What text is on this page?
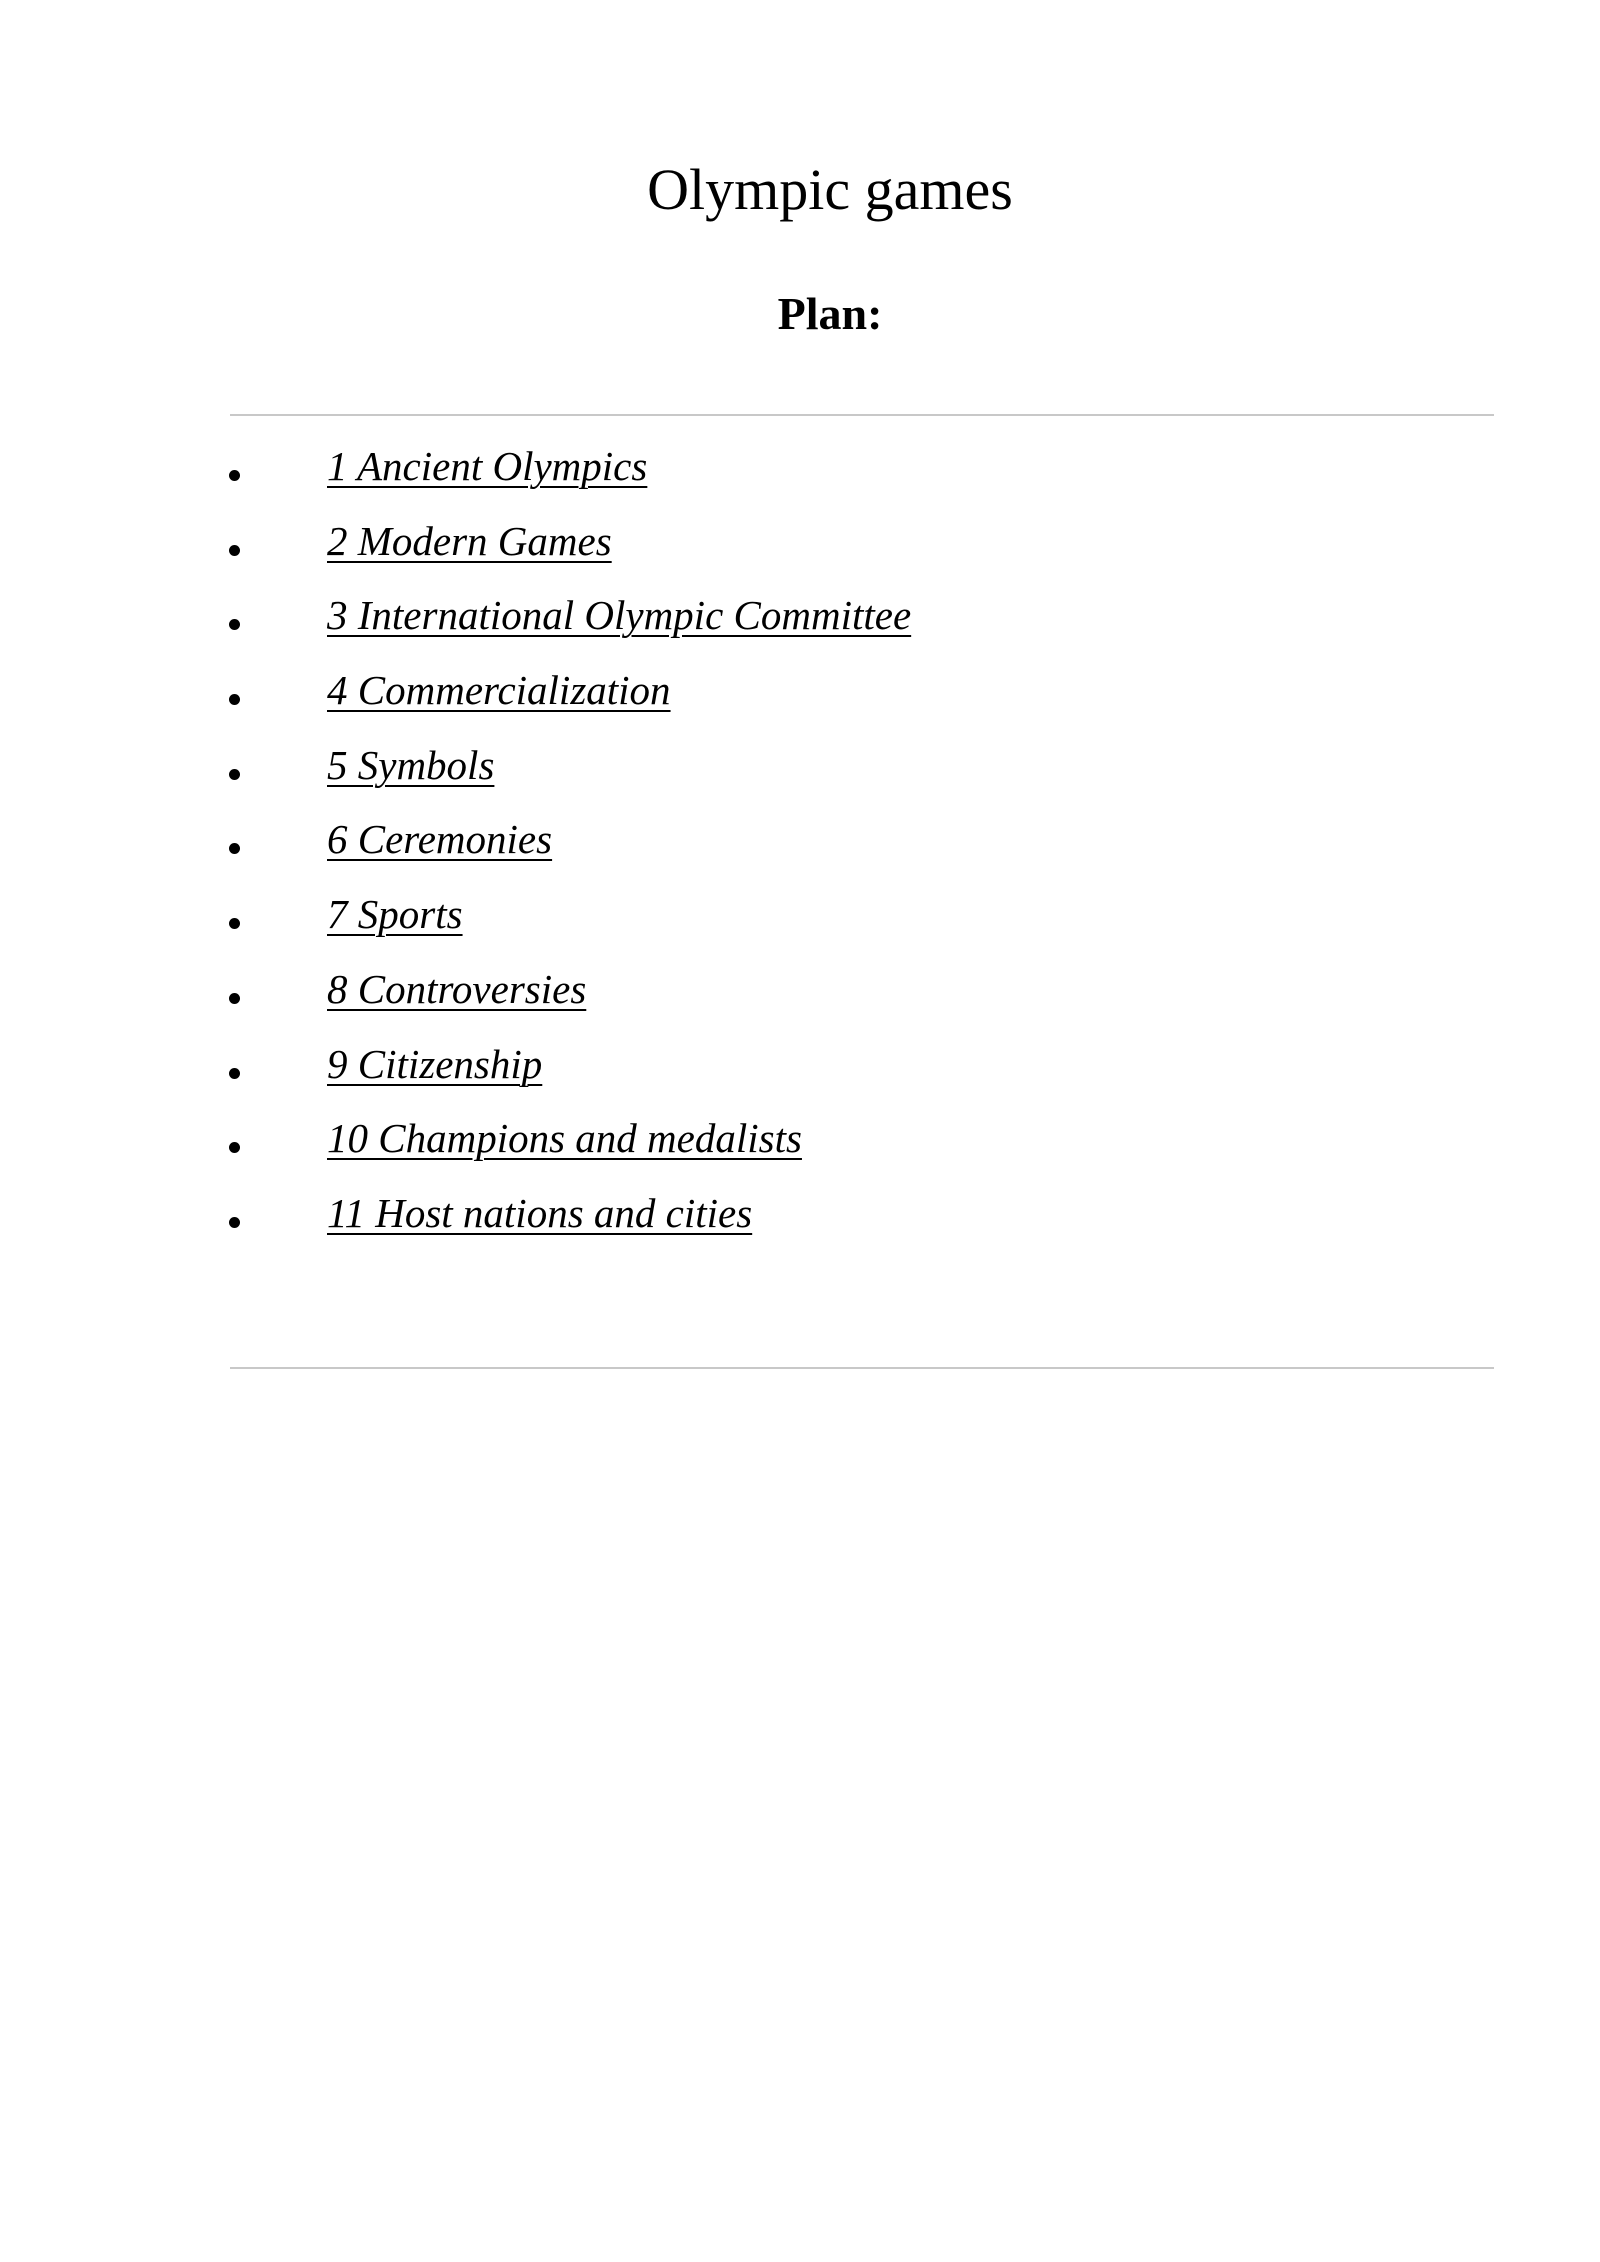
Olympic games
Plan:
1 Ancient Olympics
2 Modern Games
3 International Olympic Committee
4 Commercialization
5 Symbols
6 Ceremonies
7 Sports
8 Controversies
9 Citizenship
10 Champions and medalists
11 Host nations and cities
